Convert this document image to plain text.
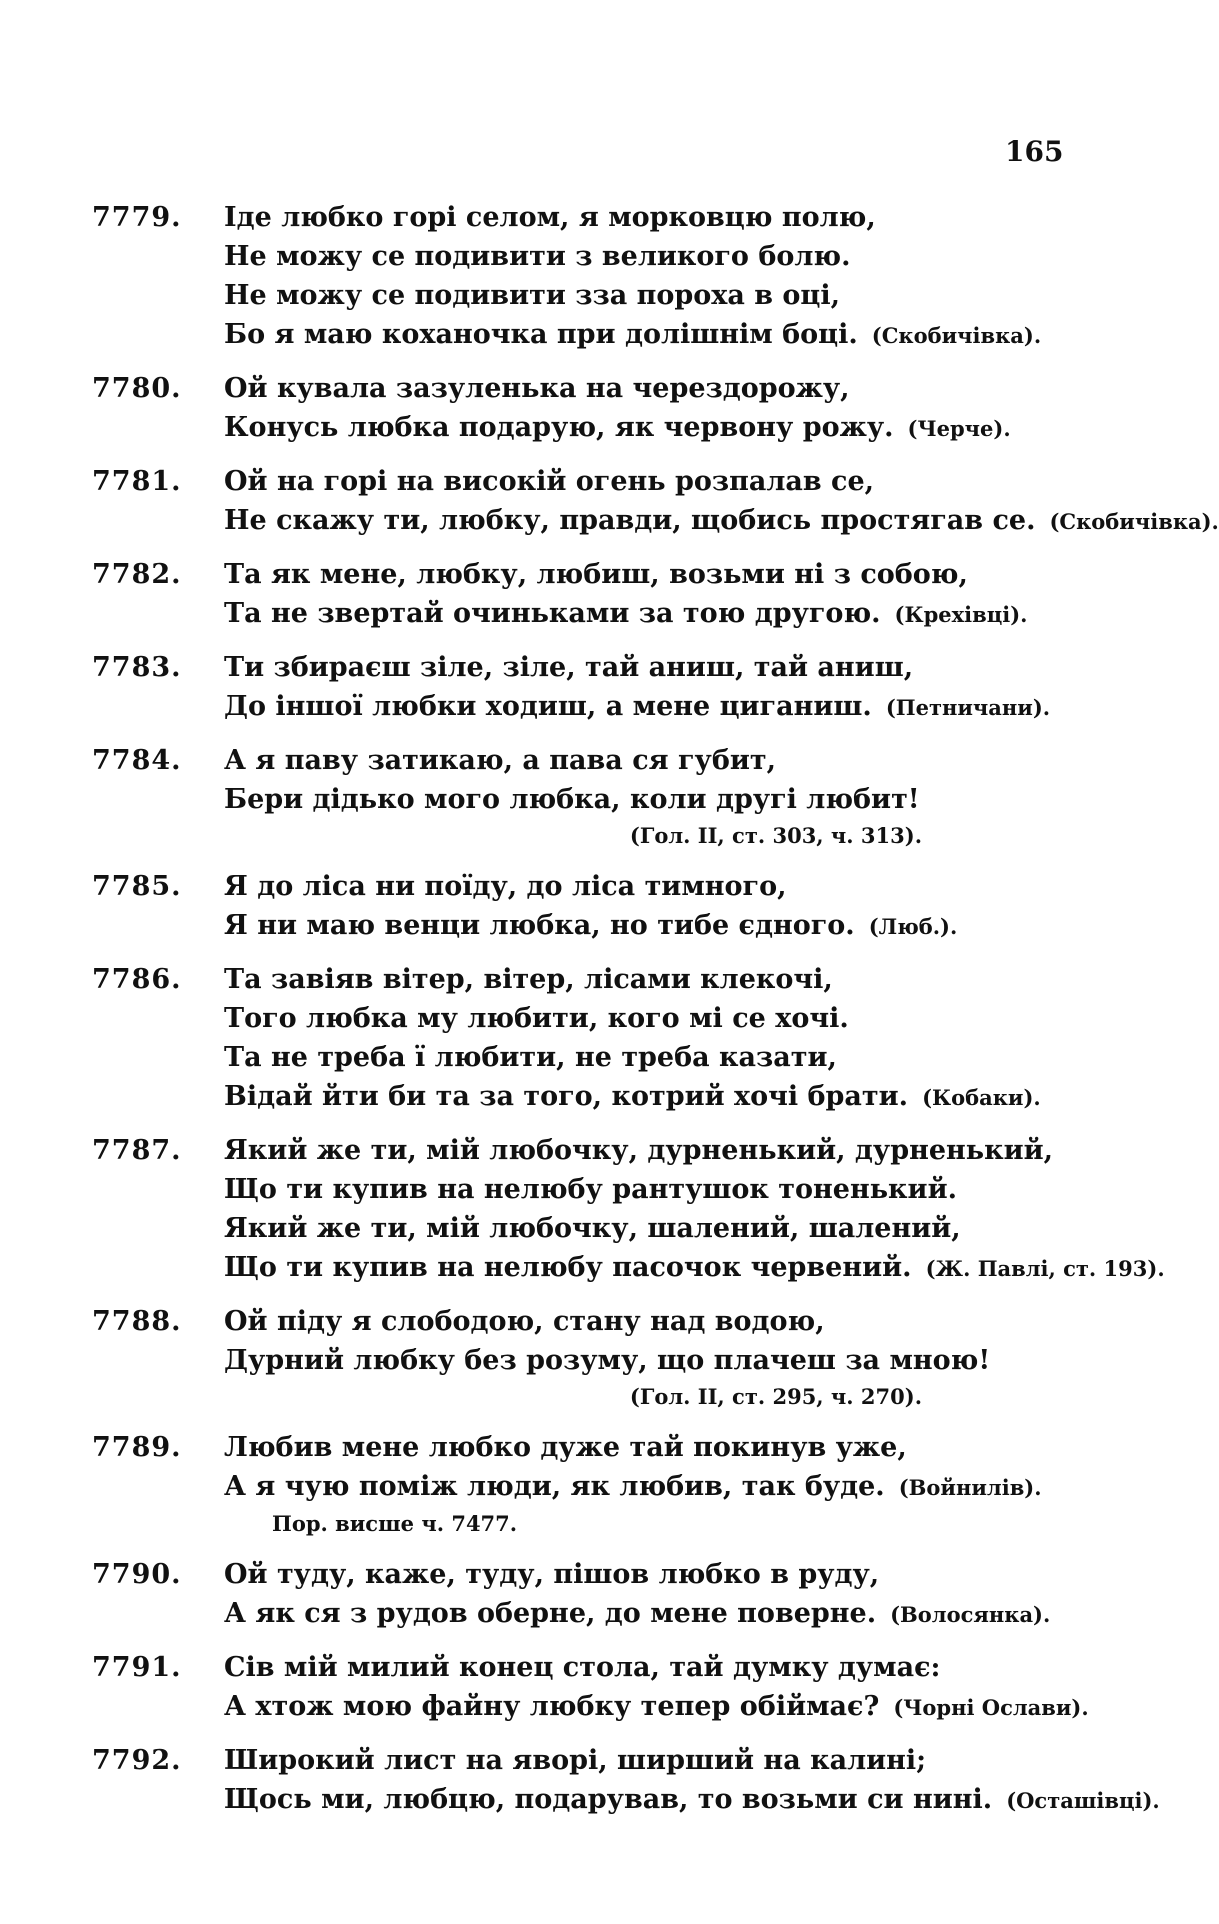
165
7779.	Іде любко горі селом, я морковцю полю,
Не можу се подивити з великого болю.
Не можу се подивити зза пороха в оці,
Бо я маю коханочка при долішнім боці. (Скобичівка).
7780.	Ой кувала зазуленька на черездорожу,
Конусь любка подарую, як червону рожу. (Черче).
7781.	Ой на горі на високій огень розпалав се,
Не скажу ти, любку, правди, щобись простягав се. (Скобичівка).
7782.	Та як мене, любку, любиш, возьми ні з собою,
Та не звертай очиньками за тою другою. (Крехівці).
7783.	Ти збираєш зіле, зіле, тай аниш, тай аниш,
До іншої любки ходиш, а мене циганиш. (Петничани).
7784.	А я паву затикаю, а пава ся губит,
Бери дідько мого любка, коли другі любит!
(Гол. II, ст. 303, ч. 313).
7785.	Я до ліса ни поїду, до ліса тимного,
Я ни маю венци любка, но тибе єдного. (Люб.).
7786.	Та завіяв вітер, вітер, лісами клекочі,
Того любка му любити, кого мі се хочі.
Та не треба ї любити, не треба казати,
Відай йти би та за того, котрий хочі брати. (Кобаки).
7787.	Який же ти, мій любочку, дурненький, дурненький,
Що ти купив на нелюбу рантушок тоненький.
Який же ти, мій любочку, шалений, шалений,
Що ти купив на нелюбу пасочок червений. (Ж. Павлі, ст. 193).
7788.	Ой піду я слободою, стану над водою,
Дурний любку без розуму, що плачеш за мною!
(Гол. II, ст. 295, ч. 270).
7789.	Любив мене любко дуже тай покинув уже,
А я чую поміж люди, як любив, так буде. (Войнилів).
Пор. висше ч. 7477.
7790.	Ой туду, каже, туду, пішов любко в руду,
А як ся з рудов оберне, до мене поверне. (Волосянка).
7791.	Сів мій милий конец стола, тай думку думає:
А хтож мою файну любку тепер обіймає? (Чорні Ослави).
7792.	Широкий лист на яворі, ширший на калині;
Щось ми, любцю, подарував, то возьми си нині. (Осташівці).
